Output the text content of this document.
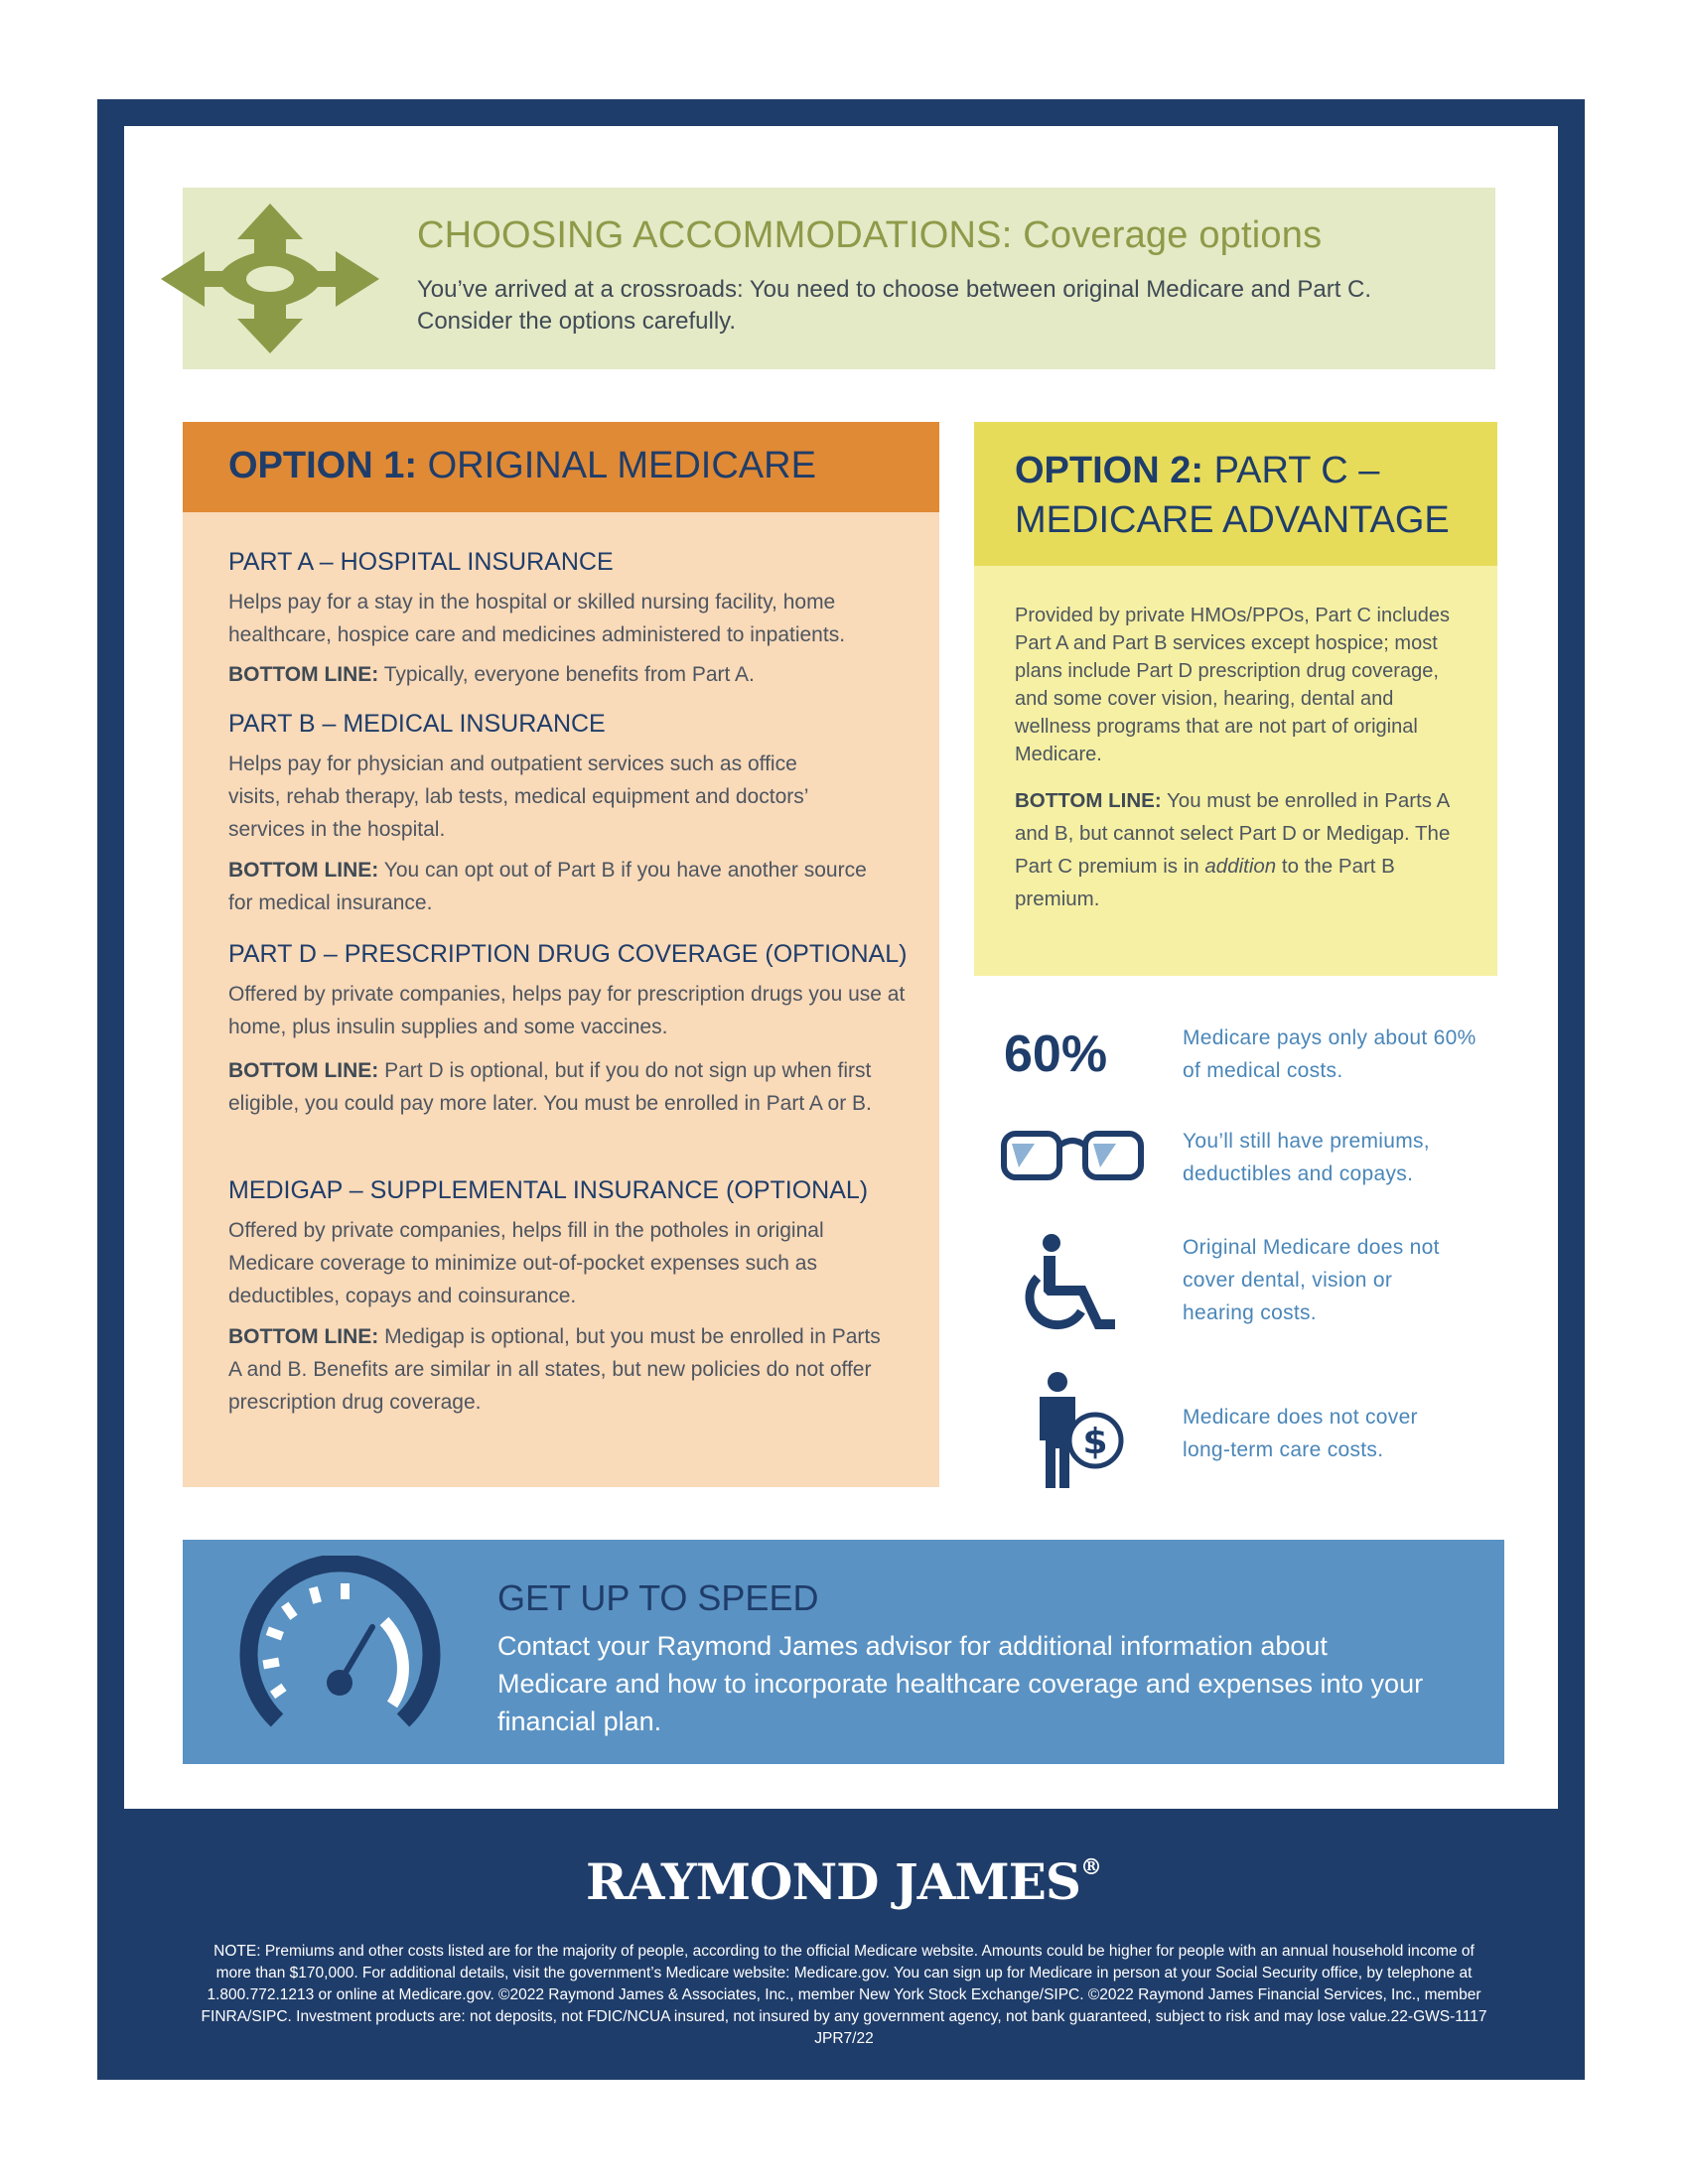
CHOOSING ACCOMMODATIONS: Coverage options
You’ve arrived at a crossroads: You need to choose between original Medicare and Part C. Consider the options carefully.
OPTION 1: ORIGINAL MEDICARE
PART A – HOSPITAL INSURANCE
Helps pay for a stay in the hospital or skilled nursing facility, home healthcare, hospice care and medicines administered to inpatients.
BOTTOM LINE: Typically, everyone benefits from Part A.
PART B – MEDICAL INSURANCE
Helps pay for physician and outpatient services such as office visits, rehab therapy, lab tests, medical equipment and doctors’ services in the hospital.
BOTTOM LINE: You can opt out of Part B if you have another source for medical insurance.
PART D – PRESCRIPTION DRUG COVERAGE (OPTIONAL)
Offered by private companies, helps pay for prescription drugs you use at home, plus insulin supplies and some vaccines.
BOTTOM LINE: Part D is optional, but if you do not sign up when first eligible, you could pay more later. You must be enrolled in Part A or B.
MEDIGAP – SUPPLEMENTAL INSURANCE (OPTIONAL)
Offered by private companies, helps fill in the potholes in original Medicare coverage to minimize out-of-pocket expenses such as deductibles, copays and coinsurance.
BOTTOM LINE: Medigap is optional, but you must be enrolled in Parts A and B. Benefits are similar in all states, but new policies do not offer prescription drug coverage.
OPTION 2: PART C – MEDICARE ADVANTAGE
Provided by private HMOs/PPOs, Part C includes Part A and Part B services except hospice; most plans include Part D prescription drug coverage, and some cover vision, hearing, dental and wellness programs that are not part of original Medicare.
BOTTOM LINE: You must be enrolled in Parts A and B, but cannot select Part D or Medigap. The Part C premium is in addition to the Part B premium.
60%	Medicare pays only about 60% of medical costs.
You’ll still have premiums, deductibles and copays.
Original Medicare does not cover dental, vision or hearing costs.
$
Medicare does not cover long-term care costs.
GET UP TO SPEED
Contact your Raymond James advisor for additional information about Medicare and how to incorporate healthcare coverage and expenses into your financial plan.
RAYMOND JAMES®
NOTE: Premiums and other costs listed are for the majority of people, according to the official Medicare website. Amounts could be higher for people with an annual household income of more than $170,000. For additional details, visit the government’s Medicare website: Medicare.gov. You can sign up for Medicare in person at your Social Security office, by telephone at 1.800.772.1213 or online at Medicare.gov. ©2022 Raymond James & Associates, Inc., member New York Stock Exchange/SIPC. ©2022 Raymond James Financial Services, Inc., member FINRA/SIPC. Investment products are: not deposits, not FDIC/NCUA insured, not insured by any government agency, not bank guaranteed, subject to risk and may lose value.22-GWS-1117 JPR7/22
